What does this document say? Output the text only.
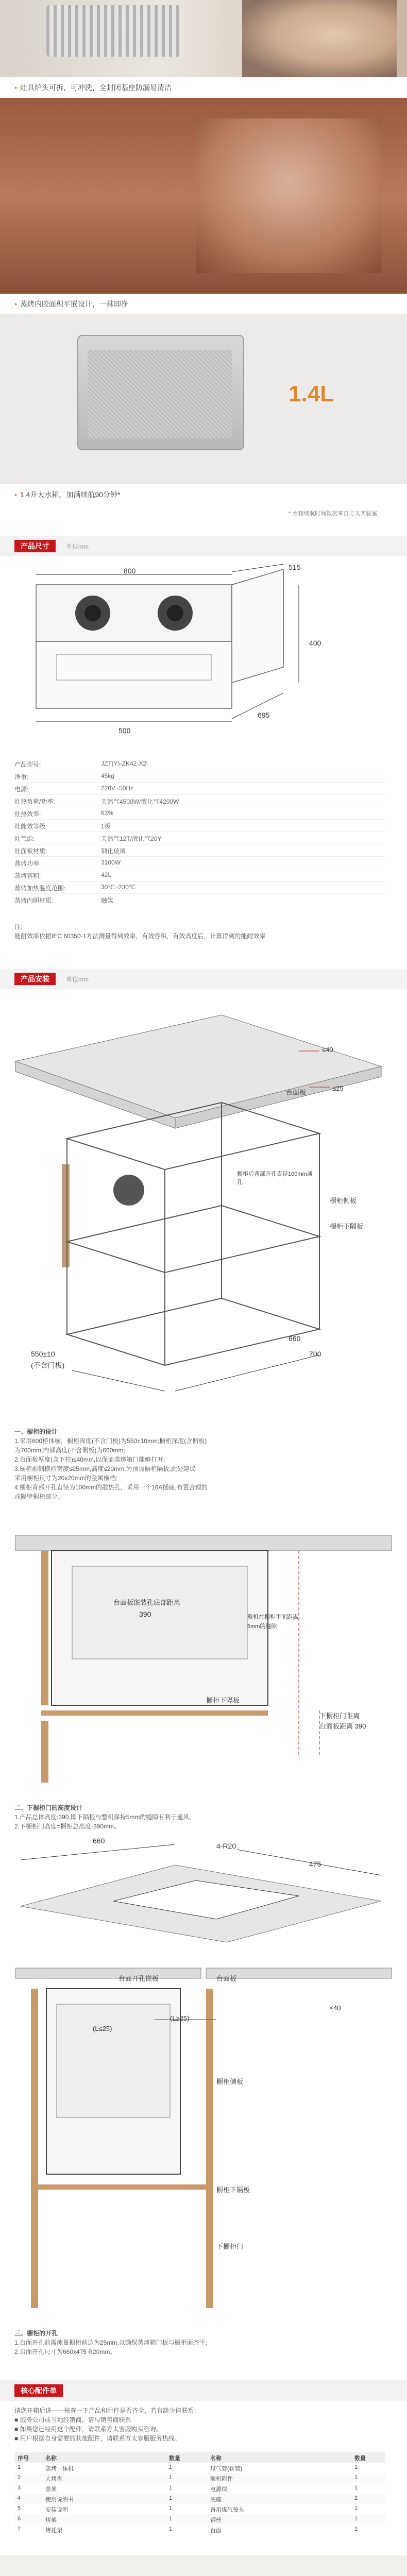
• 灶具炉头可拆，可冲洗，全封闭基座防漏易清洁
• 蒸烤内胶面积平嵌设计，一抹即净
1.4L
• 1.4升大水箱，加满续航90分钟*
* 水箱续航时间数据来自方太实验室
产品尺寸	单位mm
800	515
400
500
695
产品型号:	JZT(Y)-ZK42-X2i
净重:	45kg
电源:	220V~50Hz
灶热负荷/功率:	天然气4500W/液化气4200W
灶热效率:	63%
灶能效等级:	1级
灶气源:	天然气12T/液化气20Y
灶面板材质:	钢化玻璃
蒸烤功率:	3100W
蒸烤容积:	42L
蒸烤加热温度范围:	30℃~230℃
蒸烤内胆材质:	触媒
注:
能耐效率依据IEC 60350-1方法测量得到效率，有效容积，有效高度后，计算得到的能耐效率
产品安装	单位mm
台面板
≤40
≤25
橱柜后背部开孔直径100mm通孔
橱柜侧板
橱柜下隔板
550±10
(不含门板)
660
700
一、橱柜的设计
1.采用600柜体橱，橱柜深度(不含门板)为550±10mm;橱柜深度(含侧板)
为700mm,内部高度(不含侧板)为660mm;
2.台面板厚度(含下柱)≤40mm,以保证蒸烤箱门能够打开;
3.橱柜前侧横档宽度≤25mm,高度≤20mm,为预加橱柜隔板,此处建议
采用橱柜尺寸为20x20mm的金属横档;
4.橱柜背部开孔直径为100mm的散热孔，采用一个16A插座,布置合理的
或隔壁橱柜部分。
台面板嵌装孔底部距离
390	整机在橱柜里面距离
5mm的缝隙
橱柜下隔板
下橱柜门距离
台面板距离 390
二、下橱柜门的高度设计
1.产品总体高度:390,即下隔板与整机保持5mm的缝隙有利于通风;
2.下橱柜门高度=橱柜总高度-390mm。
660
4-R20
475
台面开孔嵌板	台面板
≤40
(L≥25)
(L≤25)
橱柜侧板
橱柜下隔板
下橱柜门
三、橱柜的开孔
1.台面开孔前需测量橱柜前边为25mm,以确保蒸烤箱门板与橱柜面齐平;
2.台面开孔尺寸为660x475 R20mm。
核心配件单
请您开箱后进一一核查一下产品和附件是否齐全，若有缺少请联系：
■ 服务公司或当地经销商，请与销售商联系
■ 如果您已经用这个配件，请联系方太客服购买咨询。
■ 用户根据自身需要的其他配件，请联系方太客服服务热线。
序号	名称	数量	名称	数量
1	蒸烤一体机	1	煤气管(软管)	1
2	大烤盘	1	随机附件	1
3	蒸架	1	电源线	1
4	使用说明书	1	底座	2
5	安装说明	1	备用煤气接头	1
6	烤架	1	钢丝	1
7	烤托架	1	台面	1
